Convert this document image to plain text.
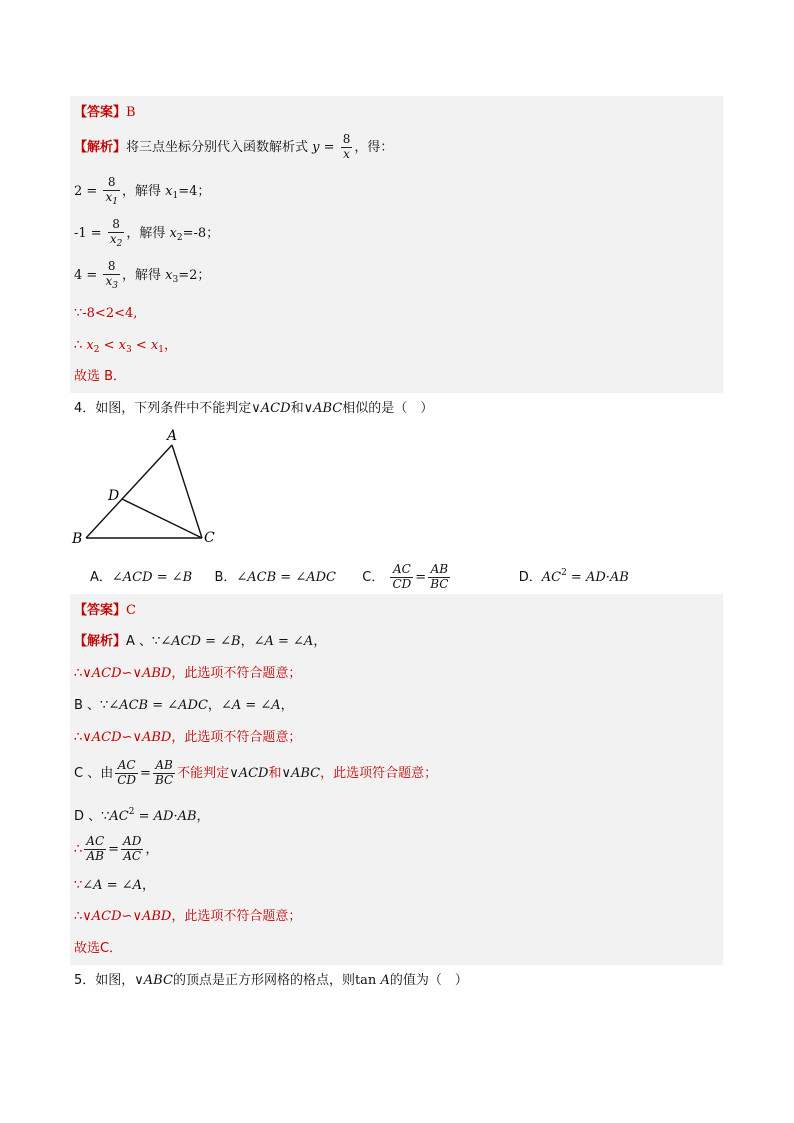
【答案】B
【解析】将三点坐标分别代入函数解析式 $y = \frac{8}{x}$ ，得：
$2 = \frac{8}{x_1}$ ，解得 $x_1=4$；
$-1 = \frac{8}{x_2}$ ，解得 $x_2=-8$；
$4 = \frac{8}{x_3}$ ，解得 $x_3=2$；
∵-8<2<4,
∴ $x_2 < x_3 < x_1$，
故选 B．
4．如图，下列条件中不能判定∨ACD和∨ABC相似的是（　）
A
B	C
D
A．∠ACD = ∠B B．∠ACB = ∠ADC C． $\frac{AC}{CD} = \frac{AB}{BC}$	D．$AC^2 = AD\cdot AB$
【答案】C
【解析】A 、∵∠ACD = ∠B，∠A = ∠A，
∴∨ACD∽∨ABD，此选项不符合题意；
B 、∵∠ACB = ∠ADC，∠A = ∠A，
∴∨ACD∽∨ABD，此选项不符合题意；
C 、由 $\frac{AC}{CD} = \frac{AB}{BC}$ 不能判定∨ACD和∨ABC，此选项符合题意；
D 、$\because AC^2 = AD\cdot AB$，
∴ $\frac{AC}{AB} = \frac{AD}{AC}$ ，
∵∠A = ∠A，
∴∨ACD∽∨ABD，此选项不符合题意；
故选C．
5．如图，∨ABC的顶点是正方形网格的格点，则tan A的值为（　）
